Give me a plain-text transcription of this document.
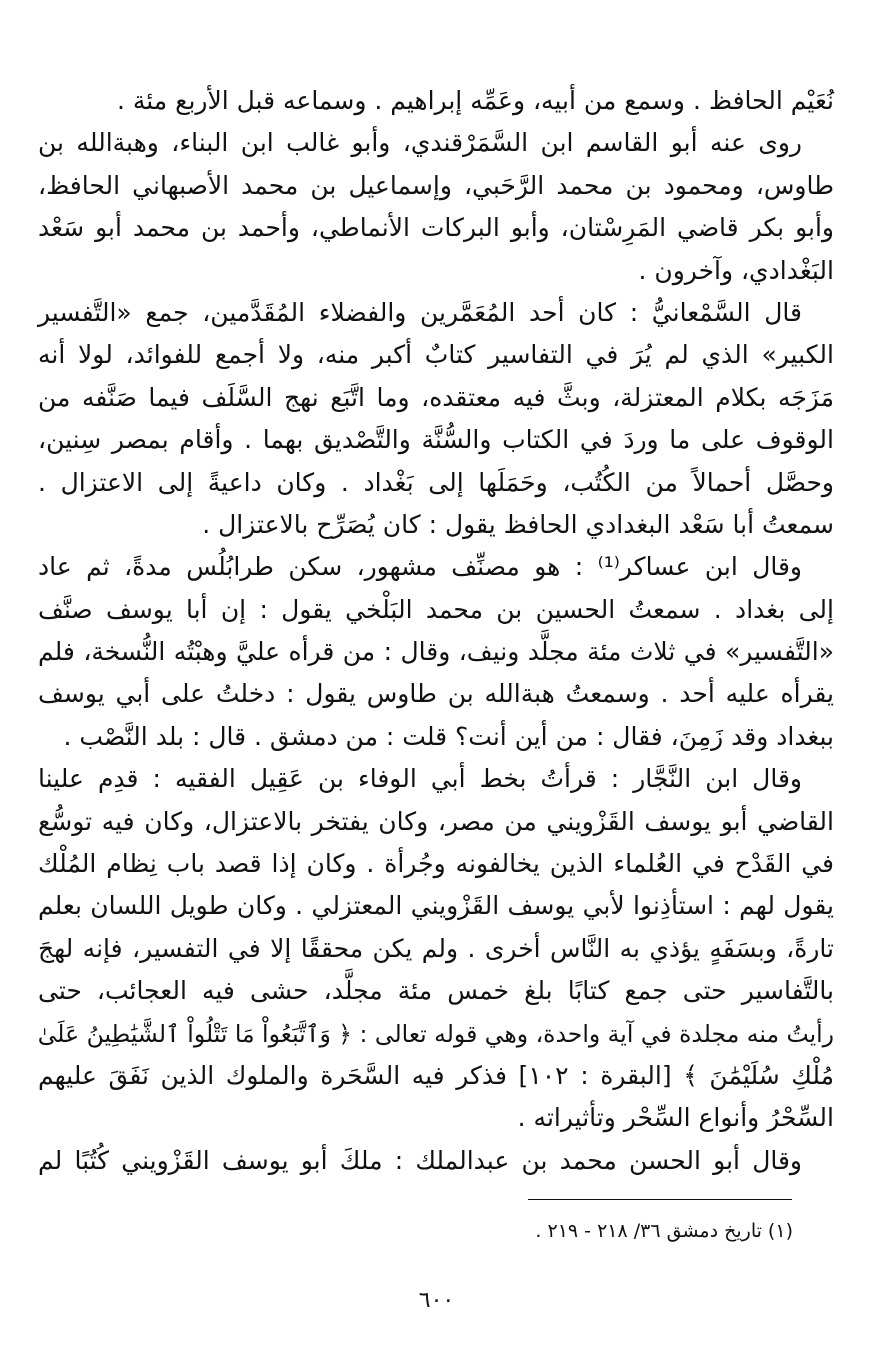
نُعَيْم الحافظ . وسمع من أبيه، وعَمِّه إبراهيم . وسماعه قبل الأربع مئة .
روى عنه أبو القاسم ابن السَّمَرْقندي، وأبو غالب ابن البناء، وهبةالله بن
طاوس، ومحمود بن محمد الرَّحَبي، وإسماعيل بن محمد الأصبهاني الحافظ،
وأبو بكر قاضي المَرِسْتان، وأبو البركات الأنماطي، وأحمد بن محمد أبو سَعْد
البَغْدادي، وآخرون .
قال السَّمْعانيُّ : كان أحد المُعَمَّرين والفضلاء المُقَدَّمين، جمع «التَّفسير
الكبير» الذي لم يُرَ في التفاسير كتابٌ أكبر منه، ولا أجمع للفوائد، لولا أنه
مَزَجَه بكلام المعتزلة، وبثَّ فيه معتقده، وما اتَّبَع نهج السَّلَف فيما صَنَّفه من
الوقوف على ما وردَ في الكتاب والسُّنَّة والتَّصْديق بهما . وأقام بمصر سِنين،
وحصَّل أحمالاً من الكُتُب، وحَمَلَها إلى بَغْداد . وكان داعيةً إلى الاعتزال .
سمعتُ أبا سَعْد البغدادي الحافظ يقول : كان يُصَرِّح بالاعتزال .
وقال ابن عساكر⁽¹⁾ : هو مصنِّف مشهور، سكن طرابُلُس مدةً، ثم عاد
إلى بغداد . سمعتُ الحسين بن محمد البَلْخي يقول : إن أبا يوسف صنَّف
«التَّفسير» في ثلاث مئة مجلَّد ونيف، وقال : من قرأه عليَّ وهبْتُه النُّسخة، فلم
يقرأه عليه أحد . وسمعتُ هبةالله بن طاوس يقول : دخلتُ على أبي يوسف
ببغداد وقد زَمِنَ، فقال : من أين أنت؟ قلت : من دمشق . قال : بلد النَّصْب .
وقال ابن النَّجَّار : قرأتُ بخط أبي الوفاء بن عَقِيل الفقيه : قدِم علينا
القاضي أبو يوسف القَزْويني من مصر، وكان يفتخر بالاعتزال، وكان فيه توسُّع
في القَدْح في العُلماء الذين يخالفونه وجُرأة . وكان إذا قصد باب نِظام المُلْك
يقول لهم : استأذِنوا لأبي يوسف القَزْويني المعتزلي . وكان طويل اللسان بعلم
تارةً، وبسَفَهٍ يؤذي به النَّاس أخرى . ولم يكن محققًا إلا في التفسير، فإنه لهجَ
بالتَّفاسير حتى جمع كتابًا بلغ خمس مئة مجلَّد، حشى فيه العجائب، حتى
رأيتُ منه مجلدة في آية واحدة، وهي قوله تعالى : ﴿ وَٱتَّبَعُواْ مَا تَتْلُواْ ٱلشَّيَٰطِينُ عَلَىٰ
مُلْكِ سُلَيْمَٰنَ ﴾ [البقرة : ١٠٢] فذكر فيه السَّحَرة والملوك الذين نَفَقَ عليهم
السِّحْرُ وأنواع السِّحْر وتأثيراته .
وقال أبو الحسن محمد بن عبدالملك : ملكَ أبو يوسف القَزْويني كُتُبًا لم
(١) تاريخ دمشق ٣٦/ ٢١٨ - ٢١٩ .
٦٠٠
